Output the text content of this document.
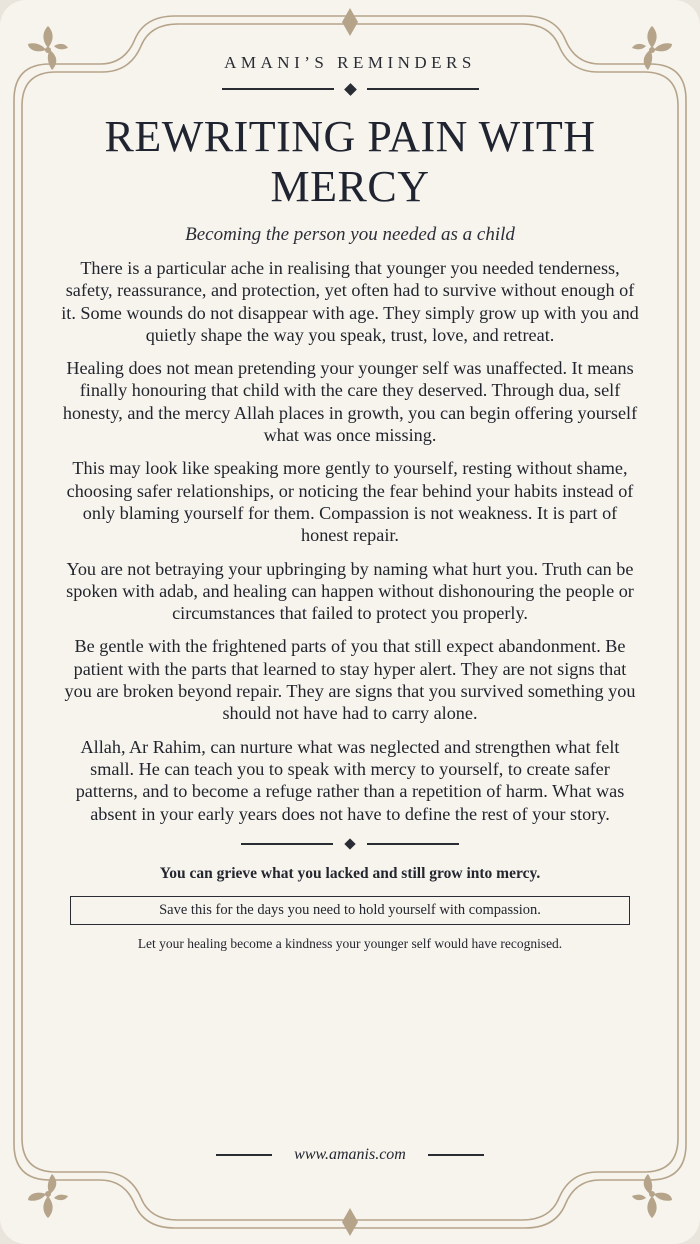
AMANI’S REMINDERS

REWRITING PAIN WITH
MERCY

Becoming the person you needed as a child

There is a particular ache in realising that younger you needed tenderness, safety, reassurance, and protection, yet often had to survive without enough of it. Some wounds do not disappear with age. They simply grow up with you and quietly shape the way you speak, trust, love, and retreat.

Healing does not mean pretending your younger self was unaffected. It means finally honouring that child with the care they deserved. Through dua, self honesty, and the mercy Allah places in growth, you can begin offering yourself what was once missing.

This may look like speaking more gently to yourself, resting without shame, choosing safer relationships, or noticing the fear behind your habits instead of only blaming yourself for them. Compassion is not weakness. It is part of honest repair.

You are not betraying your upbringing by naming what hurt you. Truth can be spoken with adab, and healing can happen without dishonouring the people or circumstances that failed to protect you properly.

Be gentle with the frightened parts of you that still expect abandonment. Be patient with the parts that learned to stay hyper alert. They are not signs that you are broken beyond repair. They are signs that you survived something you should not have had to carry alone.

Allah, Ar Rahim, can nurture what was neglected and strengthen what felt small. He can teach you to speak with mercy to yourself, to create safer patterns, and to become a refuge rather than a repetition of harm. What was absent in your early years does not have to define the rest of your story.

You can grieve what you lacked and still grow into mercy.

Save this for the days you need to hold yourself with compassion.

Let your healing become a kindness your younger self would have recognised.

www.amanis.com
